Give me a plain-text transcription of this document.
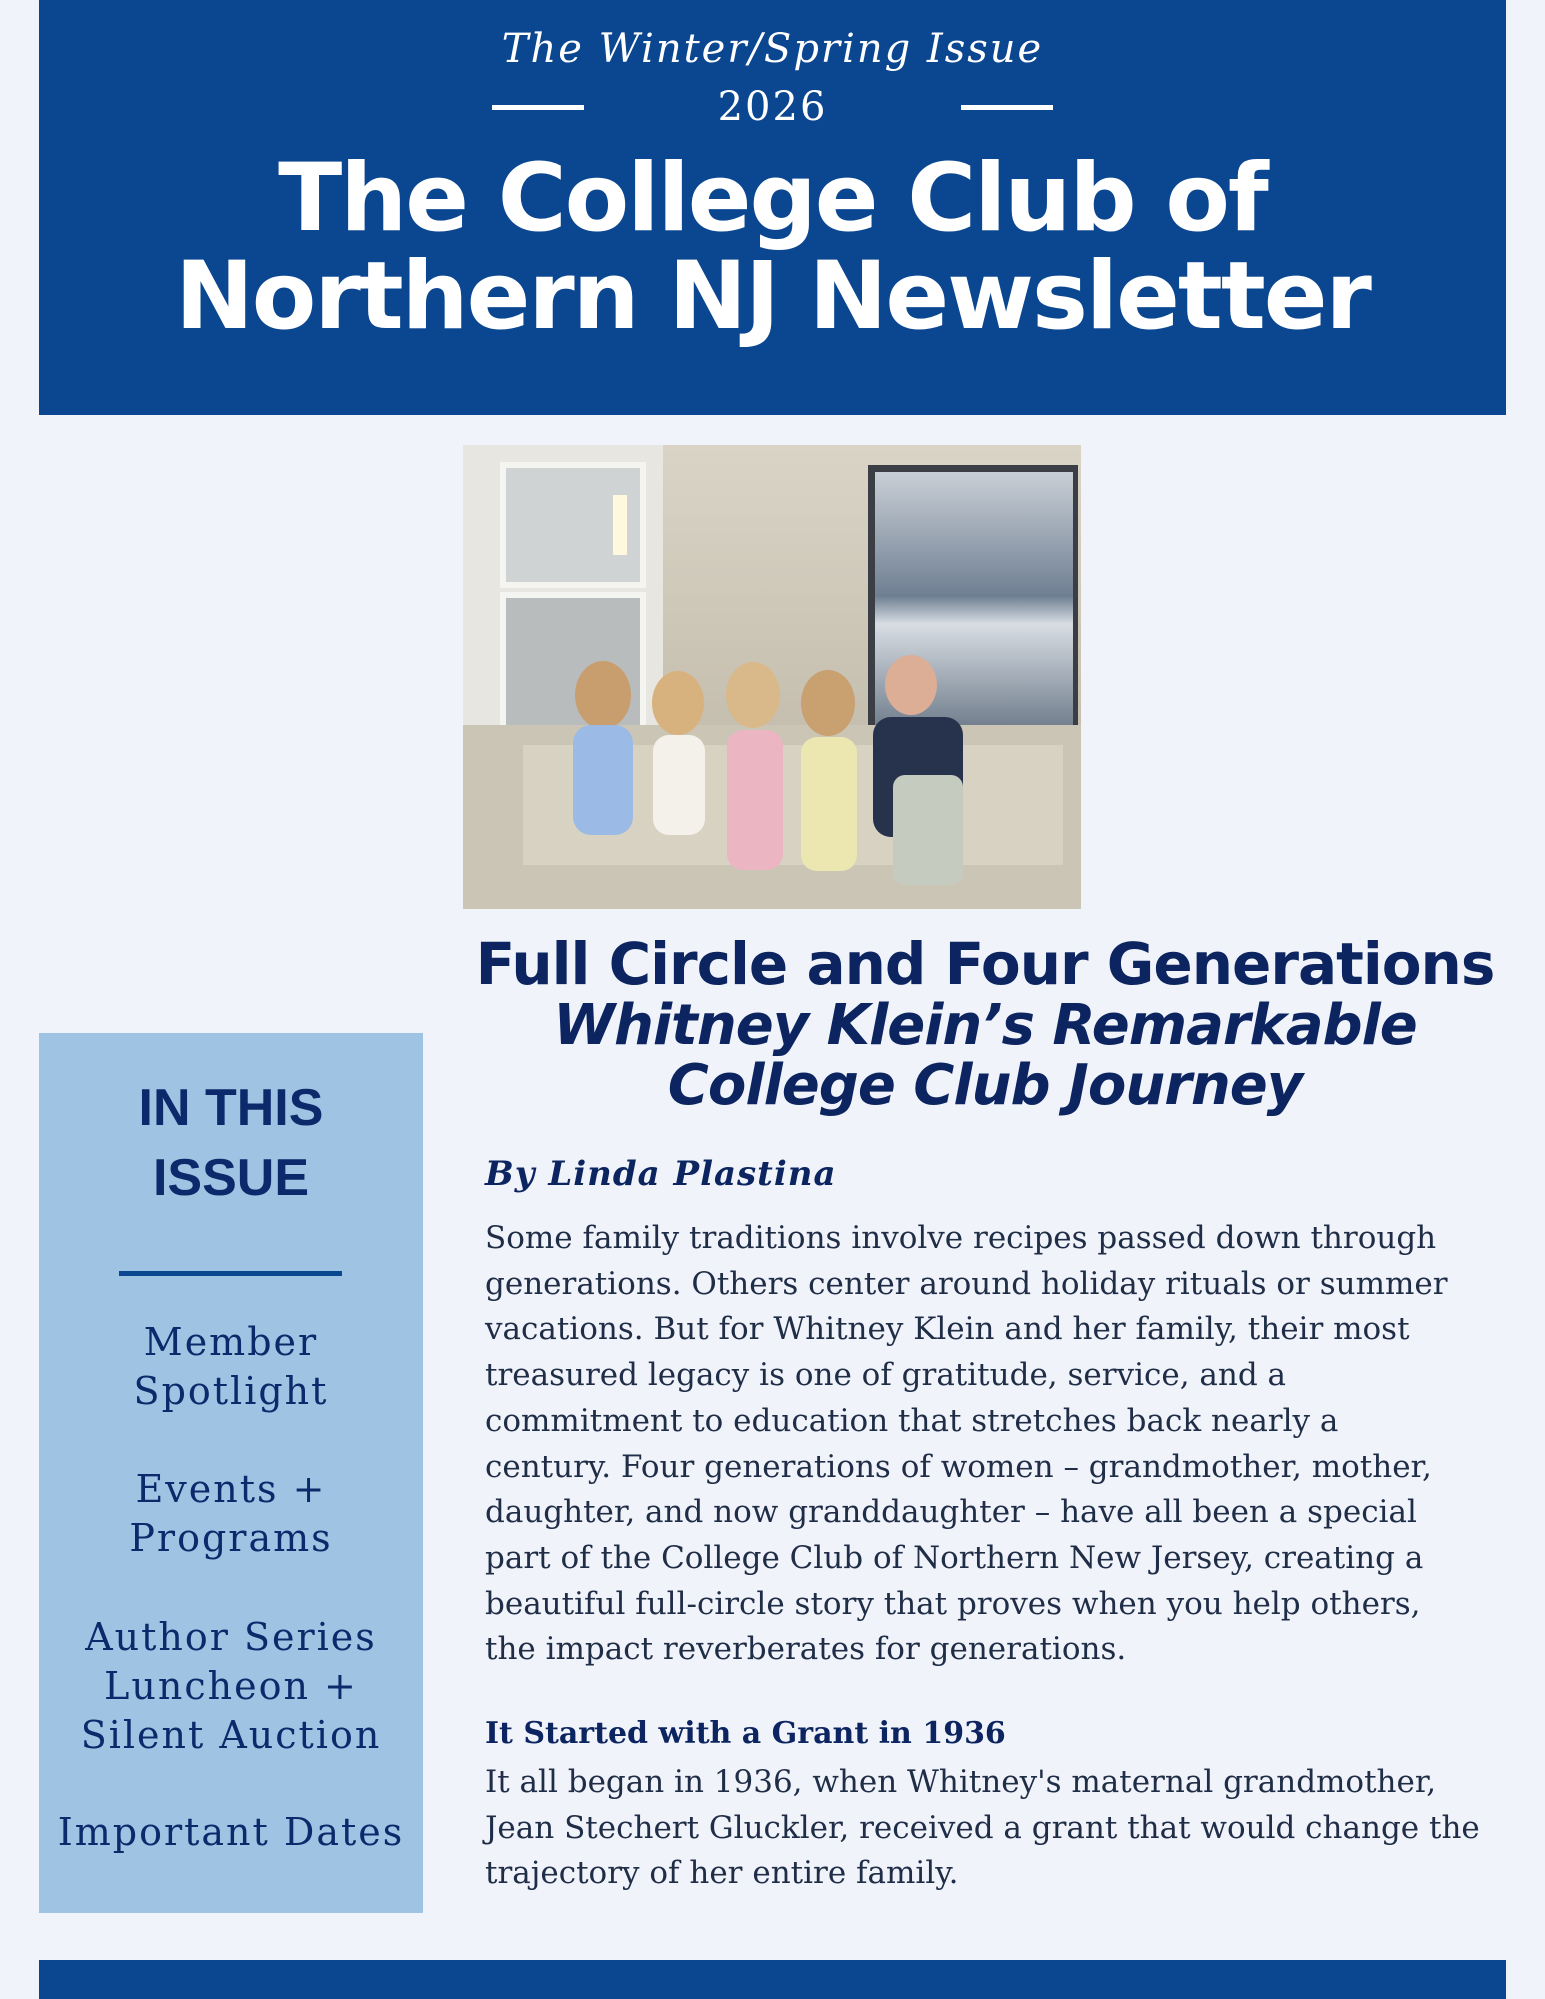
The Winter/Spring Issue
2026
The College Club of
Northern NJ Newsletter
IN THIS
ISSUE
Member
Spotlight
Events +
Programs
Author Series
Luncheon +
Silent Auction
Important Dates
Full Circle and Four Generations
Whitney Klein’s Remarkable
College Club Journey
By Linda Plastina
Some family traditions involve recipes passed down through
generations. Others center around holiday rituals or summer
vacations. But for Whitney Klein and her family, their most
treasured legacy is one of gratitude, service, and a
commitment to education that stretches back nearly a
century. Four generations of women – grandmother, mother,
daughter, and now granddaughter – have all been a special
part of the College Club of Northern New Jersey, creating a
beautiful full-circle story that proves when you help others,
the impact reverberates for generations.
It Started with a Grant in 1936
It all began in 1936, when Whitney's maternal grandmother,
Jean Stechert Gluckler, received a grant that would change the
trajectory of her entire family.
